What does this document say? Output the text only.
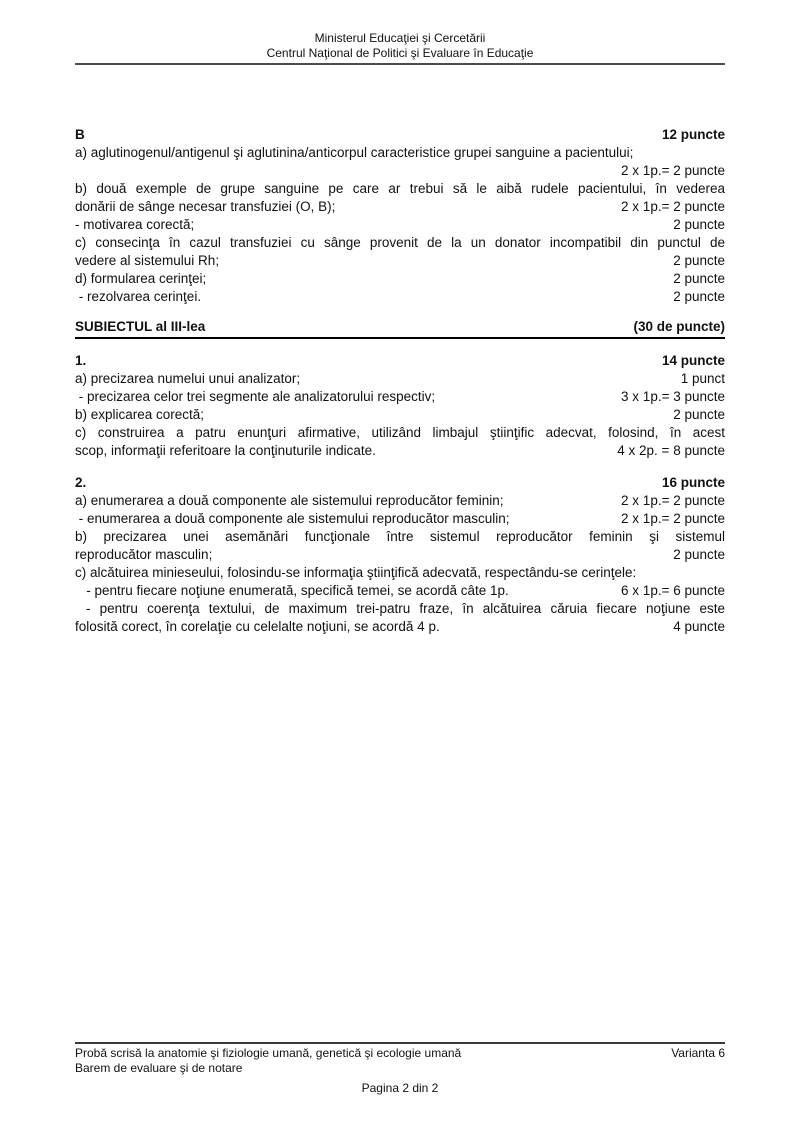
Ministerul Educaţiei şi Cercetării
Centrul Naţional de Politici şi Evaluare în Educaţie
B	12 puncte
a) aglutinogenul/antigenul şi aglutinina/anticorpul caracteristice grupei sanguine a pacientului;
2 x 1p.= 2 puncte
b) două exemple de grupe sanguine pe care ar trebui să le aibă rudele pacientului, în vederea
donării de sânge necesar transfuziei (O, B);	2 x 1p.= 2 puncte
- motivarea corectă;	2 puncte
c) consecinţa în cazul transfuziei cu sânge provenit de la un donator incompatibil din punctul de
vedere al sistemului Rh;	2 puncte
d) formularea cerinţei;	2 puncte
- rezolvarea cerinţei.	2 puncte
SUBIECTUL al III-lea	(30 de puncte)
1.	14 puncte
a) precizarea numelui unui analizator;	1 punct
- precizarea celor trei segmente ale analizatorului respectiv;	3 x 1p.= 3 puncte
b) explicarea corectă;	2 puncte
c) construirea a patru enunţuri afirmative, utilizând limbajul ştiinţific adecvat, folosind, în acest
scop, informaţii referitoare la conţinuturile indicate.	4 x 2p. = 8 puncte
2.	16 puncte
a) enumerarea a două componente ale sistemului reproducător feminin;	2 x 1p.= 2 puncte
- enumerarea a două componente ale sistemului reproducător masculin;	2 x 1p.= 2 puncte
b) precizarea unei asemănări funcţionale între sistemul reproducător feminin şi sistemul
reproducător masculin;	2 puncte
c) alcătuirea minieseului, folosindu-se informaţia ştiinţifică adecvată, respectându-se cerinţele:
- pentru fiecare noţiune enumerată, specifică temei, se acordă câte 1p.	6 x 1p.= 6 puncte
- pentru coerenţa textului, de maximum trei-patru fraze, în alcătuirea căruia fiecare noţiune este
folosită corect, în corelaţie cu celelalte noţiuni, se acordă 4 p.	4 puncte
Probă scrisă la anatomie şi fiziologie umană, genetică şi ecologie umană	Varianta 6
Barem de evaluare şi de notare
Pagina 2 din 2
